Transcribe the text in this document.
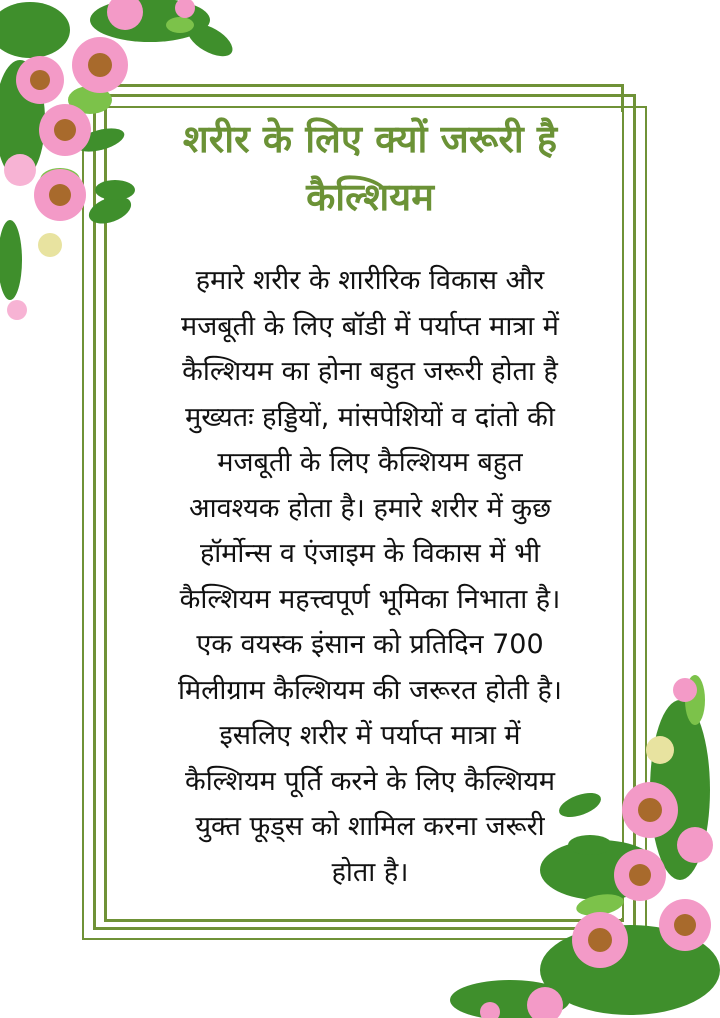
शरीर के लिए क्यों जरूरी है
कैल्शियम
हमारे शरीर के शारीरिक विकास और
मजबूती के लिए बॉडी में पर्याप्त मात्रा में
कैल्शियम का होना बहुत जरूरी होता है
मुख्यतः हड्डियों, मांसपेशियों व दांतो की
मजबूती के लिए कैल्शियम बहुत
आवश्यक होता है। हमारे शरीर में कुछ
हॉर्मोन्स व एंजाइम के विकास में भी
कैल्शियम महत्त्वपूर्ण भूमिका निभाता है।
एक वयस्क इंसान को प्रतिदिन 700
मिलीग्राम कैल्शियम की जरूरत होती है।
इसलिए शरीर में पर्याप्त मात्रा में
कैल्शियम पूर्ति करने के लिए कैल्शियम
युक्त फूड्स को शामिल करना जरूरी
होता है।
